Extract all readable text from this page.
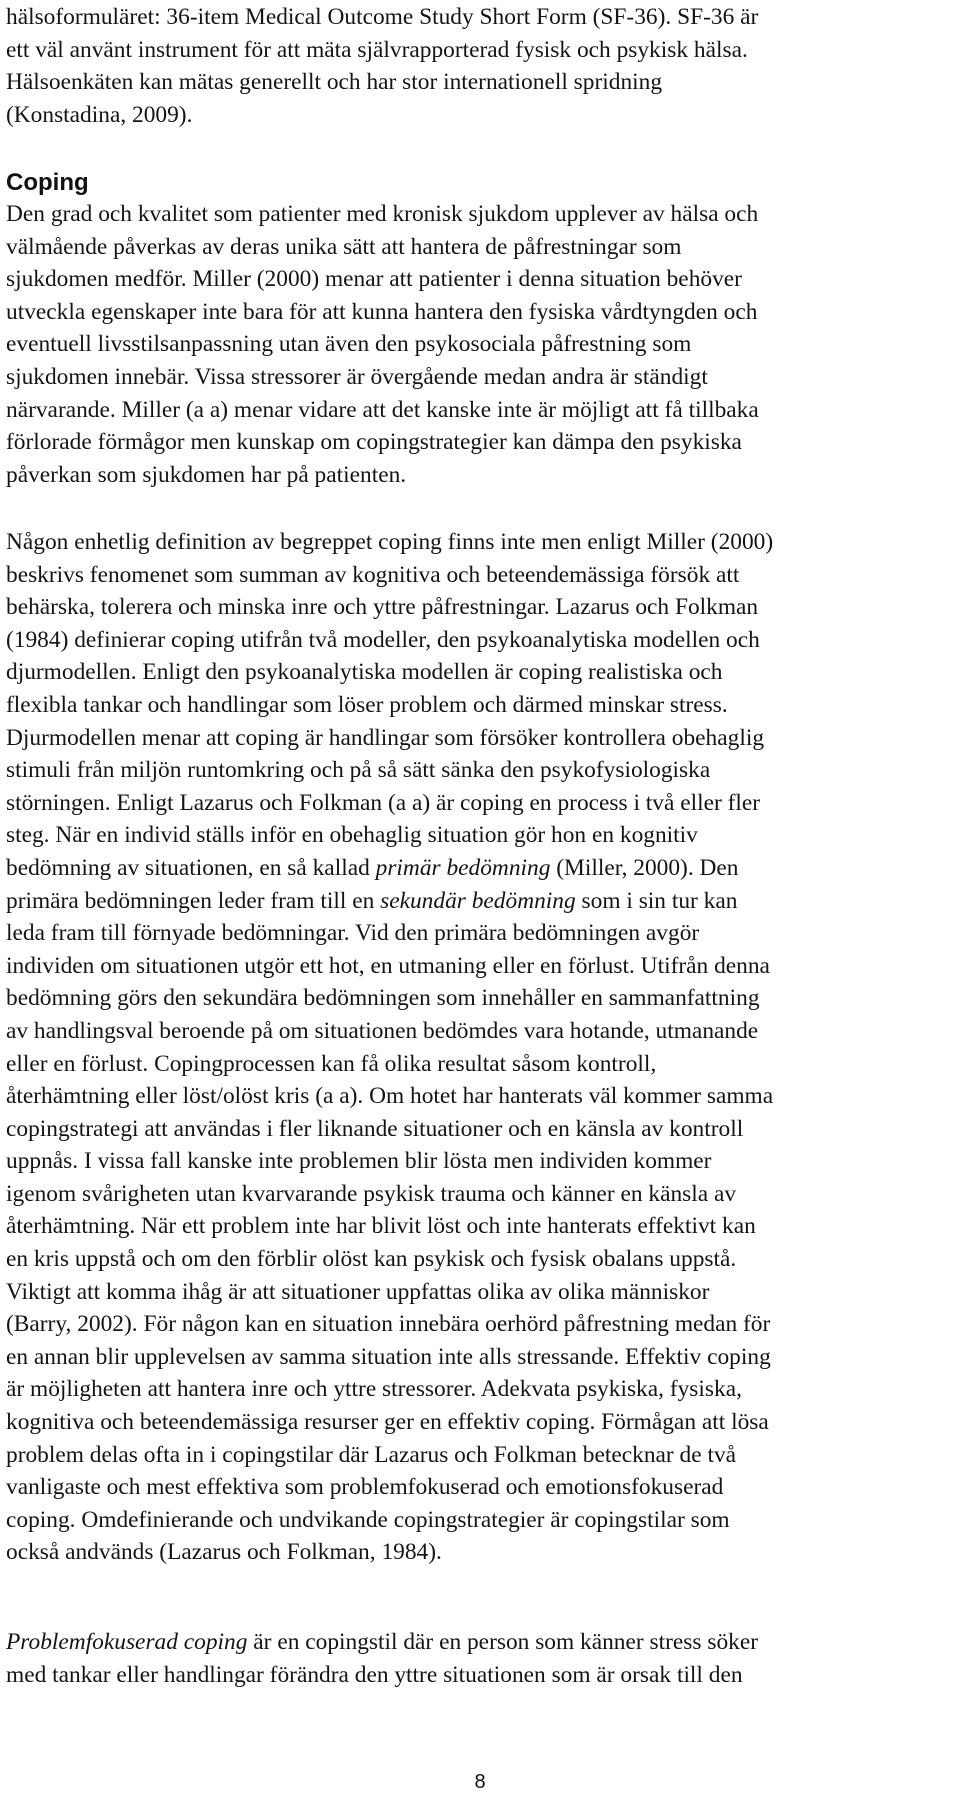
hälsoformuläret: 36-item Medical Outcome Study Short Form (SF-36). SF-36 är
ett väl använt instrument för att mäta självrapporterad fysisk och psykisk hälsa.
Hälsoenkäten kan mätas generellt och har stor internationell spridning
(Konstadina, 2009).

Coping

Den grad och kvalitet som patienter med kronisk sjukdom upplever av hälsa och
välmående påverkas av deras unika sätt att hantera de påfrestningar som
sjukdomen medför. Miller (2000) menar att patienter i denna situation behöver
utveckla egenskaper inte bara för att kunna hantera den fysiska vårdtyngden och
eventuell livsstilsanpassning utan även den psykosociala påfrestning som
sjukdomen innebär. Vissa stressorer är övergående medan andra är ständigt
närvarande. Miller (a a) menar vidare att det kanske inte är möjligt att få tillbaka
förlorade förmågor men kunskap om copingstrategier kan dämpa den psykiska
påverkan som sjukdomen har på patienten.

Någon enhetlig definition av begreppet coping finns inte men enligt Miller (2000)
beskrivs fenomenet som summan av kognitiva och beteendemässiga försök att
behärska, tolerera och minska inre och yttre påfrestningar. Lazarus och Folkman
(1984) definierar coping utifrån två modeller, den psykoanalytiska modellen och
djurmodellen. Enligt den psykoanalytiska modellen är coping realistiska och
flexibla tankar och handlingar som löser problem och därmed minskar stress.
Djurmodellen menar att coping är handlingar som försöker kontrollera obehaglig
stimuli från miljön runtomkring och på så sätt sänka den psykofysiologiska
störningen. Enligt Lazarus och Folkman (a a) är coping en process i två eller fler
steg. När en individ ställs inför en obehaglig situation gör hon en kognitiv
bedömning av situationen, en så kallad primär bedömning (Miller, 2000). Den
primära bedömningen leder fram till en sekundär bedömning som i sin tur kan
leda fram till förnyade bedömningar. Vid den primära bedömningen avgör
individen om situationen utgör ett hot, en utmaning eller en förlust. Utifrån denna
bedömning görs den sekundära bedömningen som innehåller en sammanfattning
av handlingsval beroende på om situationen bedömdes vara hotande, utmanande
eller en förlust. Copingprocessen kan få olika resultat såsom kontroll,
återhämtning eller löst/olöst kris (a a). Om hotet har hanterats väl kommer samma
copingstrategi att användas i fler liknande situationer och en känsla av kontroll
uppnås. I vissa fall kanske inte problemen blir lösta men individen kommer
igenom svårigheten utan kvarvarande psykisk trauma och känner en känsla av
återhämtning. När ett problem inte har blivit löst och inte hanterats effektivt kan
en kris uppstå och om den förblir olöst kan psykisk och fysisk obalans uppstå.
Viktigt att komma ihåg är att situationer uppfattas olika av olika människor
(Barry, 2002). För någon kan en situation innebära oerhörd påfrestning medan för
en annan blir upplevelsen av samma situation inte alls stressande. Effektiv coping
är möjligheten att hantera inre och yttre stressorer. Adekvata psykiska, fysiska,
kognitiva och beteendemässiga resurser ger en effektiv coping. Förmågan att lösa
problem delas ofta in i copingstilar där Lazarus och Folkman betecknar de två
vanligaste och mest effektiva som problemfokuserad och emotionsfokuserad
coping. Omdefinierande och undvikande copingstrategier är copingstilar som
också andvänds (Lazarus och Folkman, 1984).

Problemfokuserad coping är en copingstil där en person som känner stress söker
med tankar eller handlingar förändra den yttre situationen som är orsak till den

8
